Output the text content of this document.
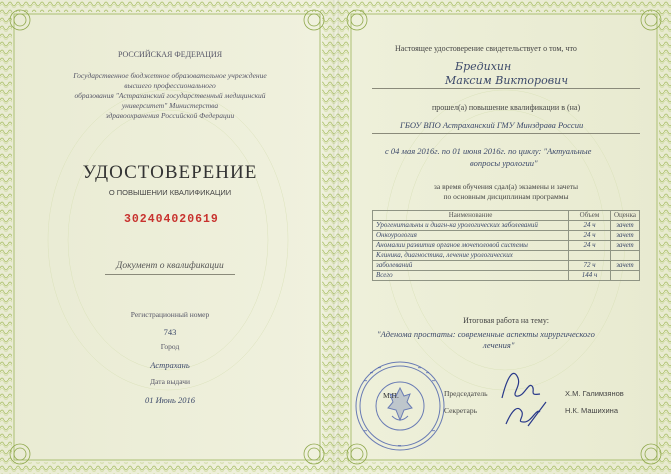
РОССИЙСКАЯ ФЕДЕРАЦИЯ
Государственное бюджетное образовательное учреждение
высшего профессионального
образования "Астраханский государственный медицинский
университет" Министерства
здравоохранения Российской Федерации
УДОСТОВЕРЕНИЕ
О ПОВЫШЕНИИ КВАЛИФИКАЦИИ
302404020619
Документ о квалификации
Регистрационный номер
743
Город
Астрахань
Дата выдачи
01 Июнь 2016
Настоящее удостоверение свидетельствует о том, что
Бредихин
Максим Викторович
прошел(а) повышение квалификации в (на)
ГБОУ ВПО Астраханский ГМУ Минздрава России
с 04 мая 2016г. по 01 июня 2016г. по циклу: "Актуальные
вопросы урологии"
за время обучения сдал(а) экзамены и зачеты
по основным дисциплинам программы
Наименование	Объем	Оценка
Урогенитальны и диагн-ка урологических заболеваний	24 ч	зачет
Онкоурология	24 ч	зачет
Аномалии развития органов мочеполовой системы	24 ч	зачет
Клиника, диагностика, лечение урологических		
заболеваний	72 ч	зачет
Всего	144 ч	
Итоговая работа на тему:
"Аденома простаты: современные аспекты хирургического
лечения"
М.П.	Председатель
Секретарь
Х.М. Галимзянов
Н.К. Машихина
